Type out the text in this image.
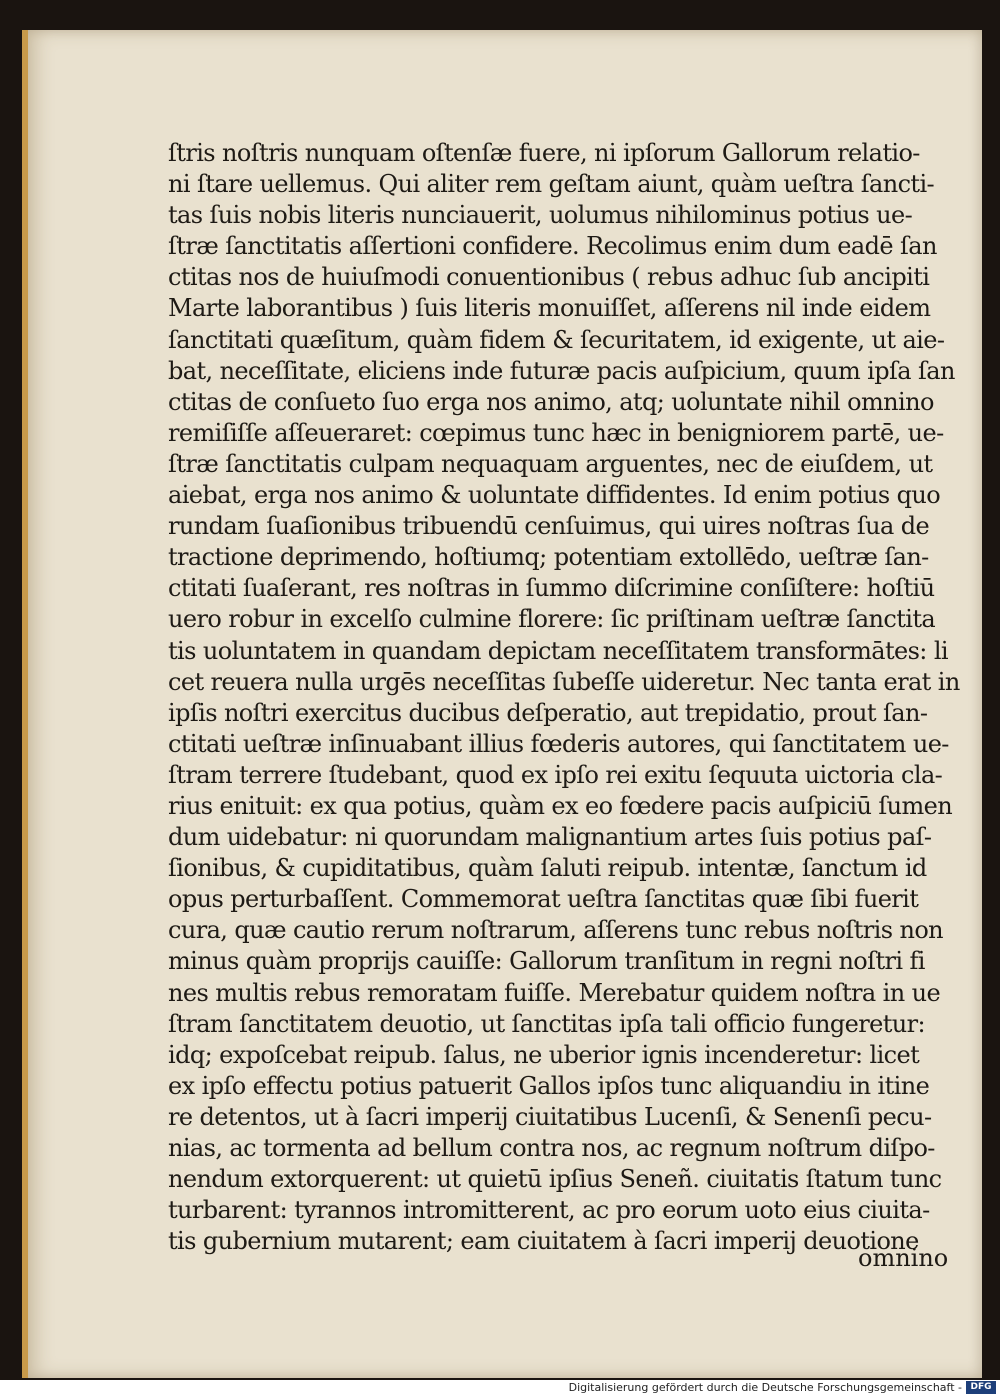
ſtris noſtris nunquam oſtenſæ fuere, ni ipſorum Gallorum relatio-
ni ſtare uellemus. Qui aliter rem geſtam aiunt, quàm ueſtra ſancti-
tas ſuis nobis literis nunciauerit, uolumus nihilominus potius ue-
ſtræ ſanctitatis aſſertioni confidere. Recolimus enim dum eadē ſan
ctitas nos de huiuſmodi conuentionibus ( rebus adhuc ſub ancipiti
Marte laborantibus ) ſuis literis monuiſſet, aſſerens nil inde eidem
ſanctitati quæſitum, quàm fidem & ſecuritatem, id exigente, ut aie-
bat, neceſſitate, eliciens inde futuræ pacis auſpicium, quum ipſa ſan
ctitas de conſueto ſuo erga nos animo, atq; uoluntate nihil omnino
remiſiſſe aſſeueraret: cœpimus tunc hæc in benigniorem partē, ue-
ſtræ ſanctitatis culpam nequaquam arguentes, nec de eiuſdem, ut
aiebat, erga nos animo & uoluntate diffidentes. Id enim potius quo
rundam ſuaſionibus tribuendū cenſuimus, qui uires noſtras ſua de
tractione deprimendo, hoſtiumq; potentiam extollēdo, ueſtræ ſan-
ctitati ſuaſerant, res noſtras in ſummo diſcrimine conſiſtere: hoſtiū
uero robur in excelſo culmine florere: ſic priſtinam ueſtræ ſanctita
tis uoluntatem in quandam depictam neceſſitatem transformātes: li
cet reuera nulla urgēs neceſſitas ſubeſſe uideretur. Nec tanta erat in
ipſis noſtri exercitus ducibus deſperatio, aut trepidatio, prout ſan-
ctitati ueſtræ inſinuabant illius fœderis autores, qui ſanctitatem ue-
ſtram terrere ſtudebant, quod ex ipſo rei exitu ſequuta uictoria cla-
rius enituit: ex qua potius, quàm ex eo fœdere pacis auſpiciū ſumen
dum uidebatur: ni quorundam malignantium artes ſuis potius paſ-
ſionibus, & cupiditatibus, quàm ſaluti reipub. intentæ, ſanctum id
opus perturbaſſent. Commemorat ueſtra ſanctitas quæ ſibi fuerit
cura, quæ cautio rerum noſtrarum, aſſerens tunc rebus noſtris non
minus quàm proprijs cauiſſe: Gallorum tranſitum in regni noſtri fi
nes multis rebus remoratam fuiſſe. Merebatur quidem noſtra in ue
ſtram ſanctitatem deuotio, ut ſanctitas ipſa tali officio fungeretur:
idq; expoſcebat reipub. ſalus, ne uberior ignis incenderetur: licet
ex ipſo effectu potius patuerit Gallos ipſos tunc aliquandiu in itine
re detentos, ut à ſacri imperij ciuitatibus Lucenſi, & Senenſi pecu-
nias, ac tormenta ad bellum contra nos, ac regnum noſtrum diſpo-
nendum extorquerent: ut quietū ipſius Seneñ. ciuitatis ſtatum tunc
turbarent: tyrannos intromitterent, ac pro eorum uoto eius ciuita-
tis gubernium mutarent; eam ciuitatem à ſacri imperij deuotione
omnino
Digitalisierung gefördert durch die Deutsche Forschungsgemeinschaft - DFG
